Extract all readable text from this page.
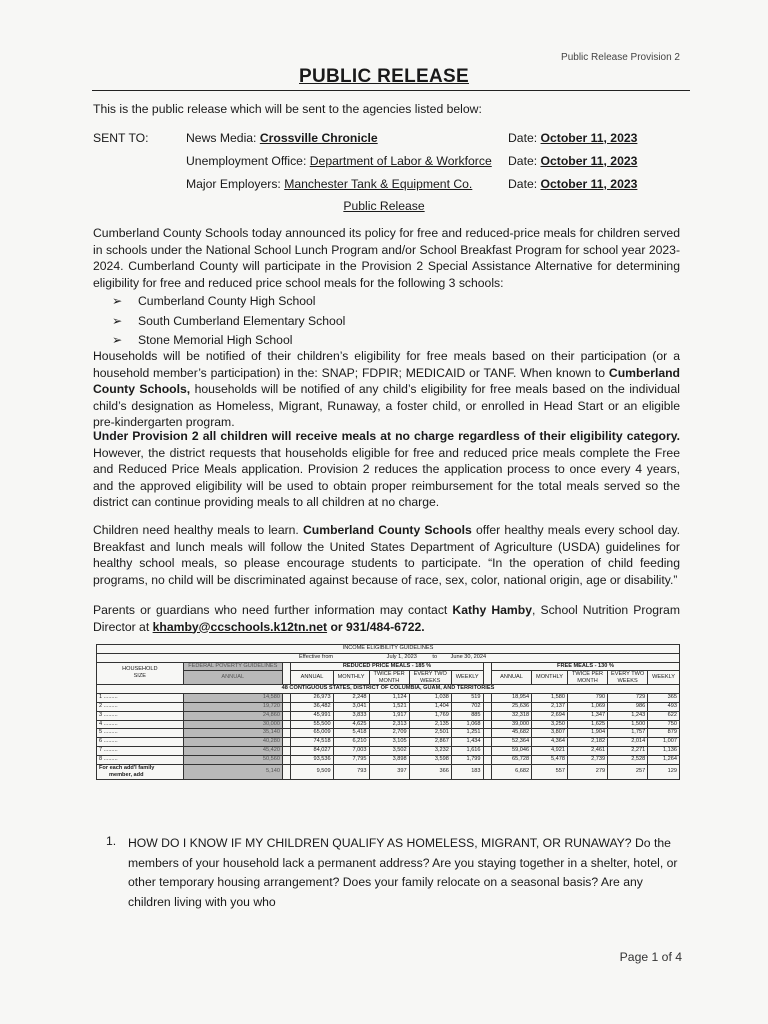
Public Release Provision 2
PUBLIC RELEASE
This is the public release which will be sent to the agencies listed below:
SENT TO:	News Media: Crossville Chronicle	Date: October 11, 2023
Unemployment Office: Department of Labor & Workforce Date: October 11, 2023
Major Employers: Manchester Tank & Equipment Co.	Date: October 11, 2023
Public Release
Cumberland County Schools today announced its policy for free and reduced-price meals for children served in schools under the National School Lunch Program and/or School Breakfast Program for school year 2023-2024. Cumberland County will participate in the Provision 2 Special Assistance Alternative for determining eligibility for free and reduced price school meals for the following 3 schools:
➢ Cumberland County High School
➢ South Cumberland Elementary School
➢ Stone Memorial High School
Households will be notified of their children’s eligibility for free meals based on their participation (or a household member’s participation) in the: SNAP; FDPIR; MEDICAID or TANF. When known to Cumberland County Schools, households will be notified of any child’s eligibility for free meals based on the individual child’s designation as Homeless, Migrant, Runaway, a foster child, or enrolled in Head Start or an eligible pre-kindergarten program.
Under Provision 2 all children will receive meals at no charge regardless of their eligibility category. However, the district requests that households eligible for free and reduced price meals complete the Free and Reduced Price Meals application. Provision 2 reduces the application process to once every 4 years, and the approved eligibility will be used to obtain proper reimbursement for the total meals served so the district can continue providing meals to all children at no charge.
Children need healthy meals to learn. Cumberland County Schools offer healthy meals every school day. Breakfast and lunch meals will follow the United States Department of Agriculture (USDA) guidelines for healthy school meals, so please encourage students to participate. “In the operation of child feeding programs, no child will be discriminated against because of race, sex, color, national origin, age or disability.”
Parents or guardians who need further information may contact Kathy Hamby, School Nutrition Program Director at khamby@ccschools.k12tn.net or 931/484-6722.
INCOME ELIGIBILITY GUIDELINES													
Effective from July 1, 2023 to June 30, 2024													
HOUSEHOLD
SIZE	FEDERAL POVERTY GUIDELINES		REDUCED PRICE MEALS - 185 %						FREE MEALS - 130 %				
	ANNUAL		ANNUAL	MONTHLY	TWICE PER MONTH	EVERY TWO WEEKS	WEEKLY		ANNUAL	MONTHLY	TWICE PER MONTH	EVERY TWO WEEKS	WEEKLY

48 CONTIGUOUS STATES, DISTRICT OF COLUMBIA, GUAM, AND TERRITORIES													
1 .........	14,580		26,973	2,248	1,124	1,038	519		18,954	1,580	790	729	365
2 .........	19,720		36,482	3,041	1,521	1,404	702		25,636	2,137	1,069	986	493
3 .........	24,860		45,991	3,833	1,917	1,769	885		32,318	2,694	1,347	1,243	622
4 .........	30,000		55,500	4,625	2,313	2,135	1,068		39,000	3,250	1,625	1,500	750
5 .........	35,140		65,009	5,418	2,709	2,501	1,251		45,682	3,807	1,904	1,757	879
6 .........	40,280		74,518	6,210	3,105	2,867	1,434		52,364	4,364	2,182	2,014	1,007
7 .........	45,420		84,027	7,003	3,502	3,232	1,616		59,046	4,921	2,461	2,271	1,136
8 .........	50,560		93,536	7,795	3,898	3,598	1,799		65,728	5,478	2,739	2,528	1,264
For each add'l family
member, add	5,140		9,509	793	397	366	183		6,682	557	279	257	129
1. HOW DO I KNOW IF MY CHILDREN QUALIFY AS HOMELESS, MIGRANT, OR RUNAWAY? Do the members of your household lack a permanent address? Are you staying together in a shelter, hotel, or other temporary housing arrangement? Does your family relocate on a seasonal basis? Are any children living with you who
Page 1 of 4
